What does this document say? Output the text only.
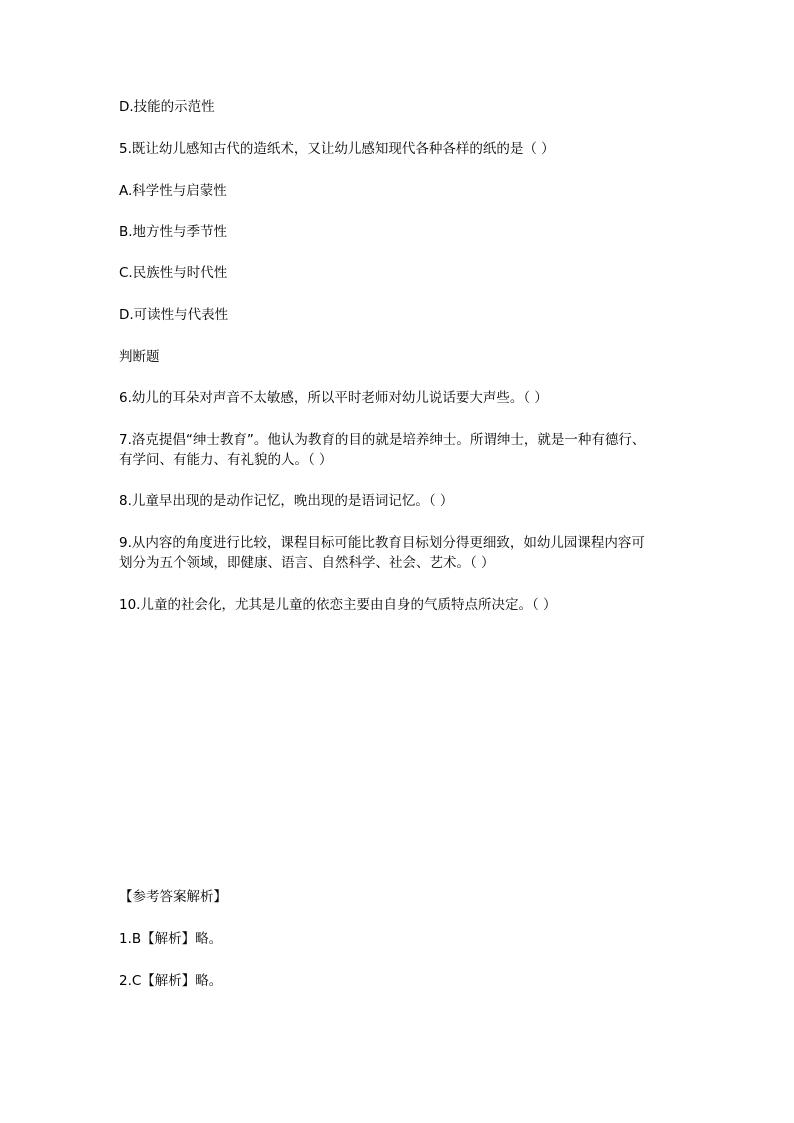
D.技能的示范性
5.既让幼儿感知古代的造纸术，又让幼儿感知现代各种各样的纸的是（ ）
A.科学性与启蒙性
B.地方性与季节性
C.民族性与时代性
D.可读性与代表性
判断题
6.幼儿的耳朵对声音不太敏感，所以平时老师对幼儿说话要大声些。（ ）
7.洛克提倡“绅士教育”。他认为教育的目的就是培养绅士。所谓绅士，就是一种有德行、
有学问、有能力、有礼貌的人。（ ）
8.儿童早出现的是动作记忆，晚出现的是语词记忆。（ ）
9.从内容的角度进行比较，课程目标可能比教育目标划分得更细致，如幼儿园课程内容可
划分为五个领域，即健康、语言、自然科学、社会、艺术。（ ）
10.儿童的社会化，尤其是儿童的依恋主要由自身的气质特点所决定。（ ）
【参考答案解析】
1.B【解析】略。
2.C【解析】略。
